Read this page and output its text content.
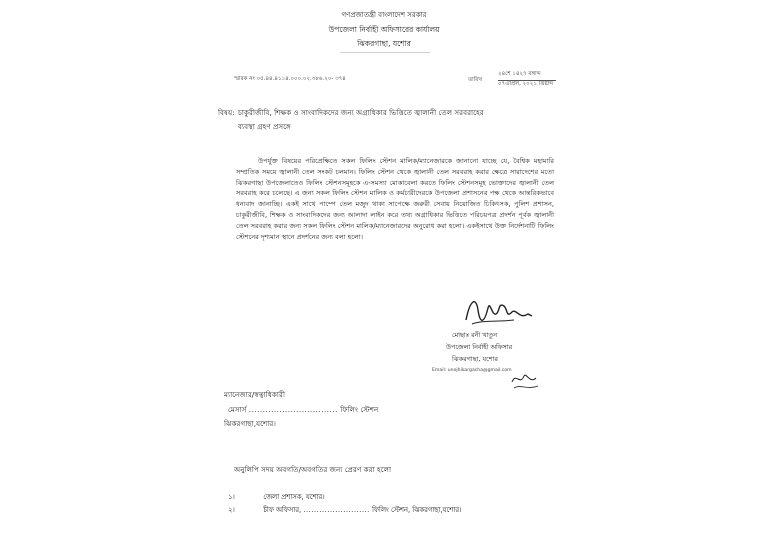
গণপ্রজাতন্ত্রী বাংলাদেশ সরকার
উপজেলা নির্বাহী অফিসারের কার্যালয়
ঝিকরগাছা, যশোর
স্মারক নং ০৫.৪৪.৪১১৪.০০০.০২.৩৮৬.২০- ৩৭৪	তারিখ
২৪শে ১৪২৭ বঙ্গাব্দ
০৭এপ্রিল, ২০২১ খ্রিষ্টাব্দ
বিষয়: চাকুরীজীবি, শিক্ষক ও সাংবাদিকদের জন্য অগ্রাধিকার ভিত্তিতে জ্বালানী তেল সরবরাহের
ব্যবস্থা গ্রহণ প্রসঙ্গে
উপর্যুক্ত বিষয়ের পরিপ্রেক্ষিতে সকল ফিলিং স্টেশন মালিক/ম্যানেজারকে জানানো যাচ্ছে যে, বৈশ্বিক মহামারি সম্প্রতিক সময়ে জ্বালানী তেল সংকট চলমান। ফিলিং স্টেশন থেকে জ্বালানী তেল সরবরাহ করার ক্ষেত্রে সারাদেশের মতো ঝিকরগাছা উপজেলাতেও ফিলিং স্টেশনসমূহকে এ-সমস্যা মোকাবেলা করতে ফিলিং স্টেশনসমূহ ভোক্তাদের জ্বালানী তেল সরবরাহ করে চলেছে। এ জন্য সকল ফিলিং স্টেশন মালিক ও কর্মচারীদেরকে উপজেলা প্রশাসনের পক্ষ থেকে আন্তরিকভাবে ধন্যবাদ জানাচ্ছি। একই সাথে পাম্পে তেল মজুদ থাকা সাপেক্ষে জরুরী সেবায় নিয়োজিত চিকিৎসক, পুলিশ প্রশাসন, চাকুরীজীবি, শিক্ষক ও সাংবাদিকদের জন্য আলাদা লাইন করে তথ্য অগ্রাধিকার ভিত্তিতে পরিচয়পত্র প্রদর্শন পূর্বক জ্বালানী তেল সরবরাহ করার জন্য সকল ফিলিং স্টেশন মালিক/ম্যানেজারদের অনুরোধ করা হলো। একইসাথে উক্ত নির্দেশনাটি ফিলিং স্টেশনের দৃশ্যমান স্থানে প্রদর্শনের জন্য বলা হলো।
মোছাঃ রনী খাতুন
উপজেলা নির্বাহী অফিসার
ঝিকরগাছা, যশোর
Email: unojhikargacha@gmail.com
ম্যানেজার/স্বত্বাধিকারী
মেসার্স ................................ ফিলিং স্টেশন
ঝিকরগাছা,যশোর।
অনুলিপি সদয় অবগতি/অবগতির জন্য প্রেরণ করা হলো
১।	জেলা প্রশাসক, যশোর।
২।	চীফ অফিসার, ......................... ফিলিং স্টেশন, ঝিকরগাছা,যশোর।
